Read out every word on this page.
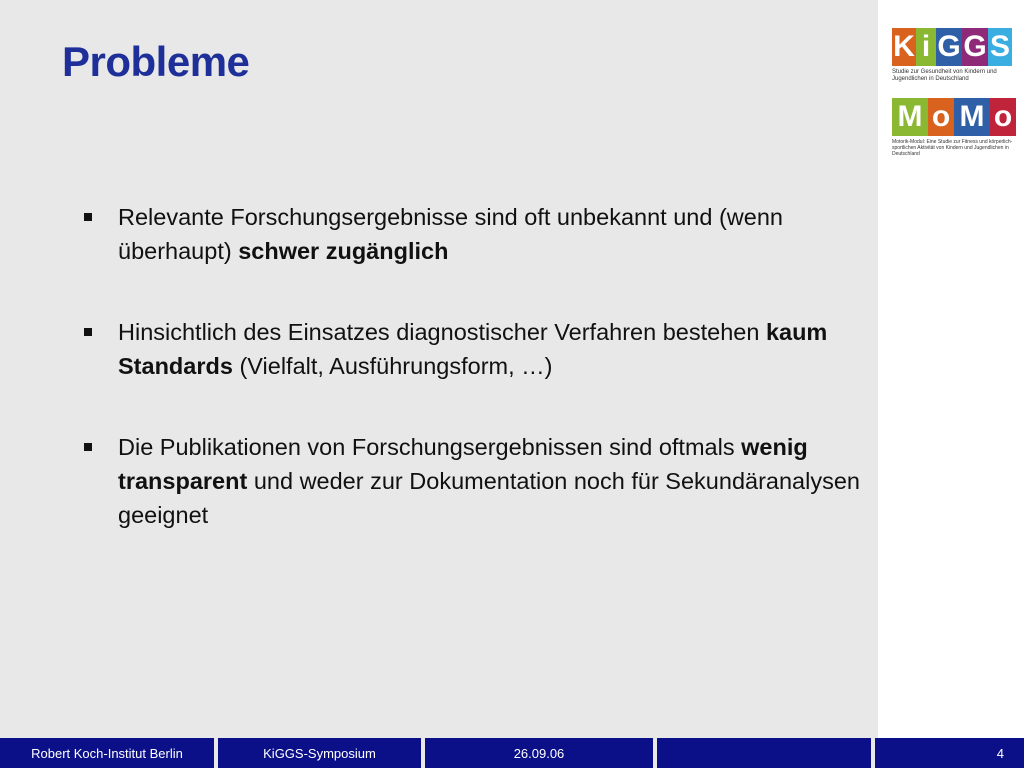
Probleme
Relevante Forschungsergebnisse sind oft unbekannt und (wenn überhaupt) schwer zugänglich
Hinsichtlich des Einsatzes diagnostischer Verfahren bestehen kaum Standards (Vielfalt, Ausführungsform, …)
Die Publikationen von Forschungsergebnissen sind oftmals wenig transparent und weder zur Dokumentation noch für Sekundäranalysen geeignet
K i G G S
Studie zur Gesundheit von Kindern und Jugendlichen in Deutschland
M o M o
Motorik-Modul: Eine Studie zur Fitness und körperlich-sportlichen Aktivität von Kindern und Jugendlichen in Deutschland
Robert Koch-Institut Berlin	KiGGS-Symposium	26.09.06	4
